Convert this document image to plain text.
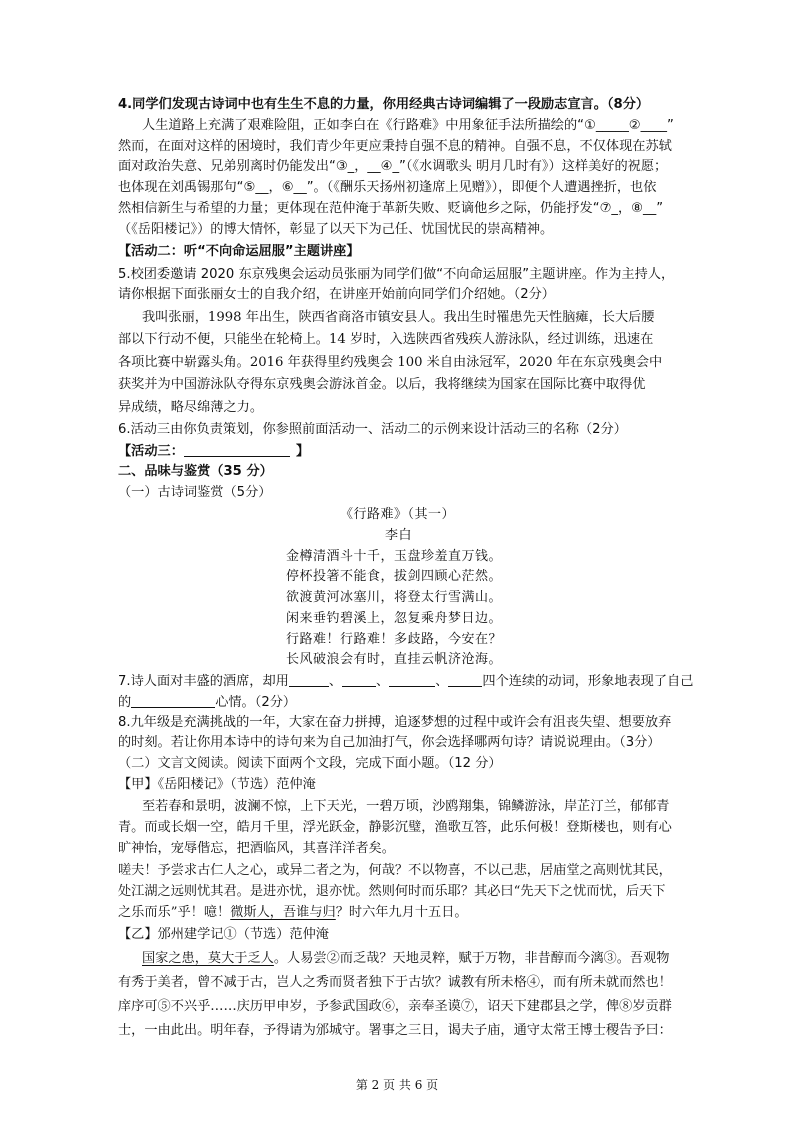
4.同学们发现古诗词中也有生生不息的力量，你用经典古诗词编辑了一段励志宣言。（8分）
人生道路上充满了艰难险阻，正如李白在《行路难》中用象征手法所描绘的“①_____②____”
然而，在面对这样的困境时，我们青少年更应秉持自强不息的精神。自强不息，不仅体现在苏轼
面对政治失意、兄弟别离时仍能发出“③_，__④_”（《水调歌头 明月几时有》）这样美好的祝愿；
也体现在刘禹锡那句“⑤__，⑥__”。（《酬乐天扬州初逢席上见赠》），即便个人遭遇挫折，也依
然相信新生与希望的力量；更体现在范仲淹于革新失败、贬谪他乡之际，仍能抒发“⑦_，⑧__”
（《岳阳楼记》）的博大情怀，彰显了以天下为己任、忧国忧民的崇高精神。
【活动二：听“不向命运屈服”主题讲座】
5.校团委邀请 2020 东京残奥会运动员张丽为同学们做“不向命运屈服”主题讲座。作为主持人，
请你根据下面张丽女士的自我介绍，在讲座开始前向同学们介绍她。（2分）
我叫张丽，1998 年出生，陕西省商洛市镇安县人。我出生时罹患先天性脑瘫，长大后腰
部以下行动不便，只能坐在轮椅上。14 岁时，入选陕西省残疾人游泳队，经过训练，迅速在
各项比赛中崭露头角。2016 年获得里约残奥会 100 米自由泳冠军，2020 年在东京残奥会中
获奖并为中国游泳队夺得东京残奥会游泳首金。以后，我将继续为国家在国际比赛中取得优
异成绩，略尽绵薄之力。
6.活动三由你负责策划，你参照前面活动一、活动二的示例来设计活动三的名称（2分）
【活动三：	】
二、品味与鉴赏（35 分）
（一）古诗词鉴赏（5分）
《行路难》（其一）
李白
金樽清酒斗十千，玉盘珍羞直万钱。
停杯投箸不能食，拔剑四顾心茫然。
欲渡黄河冰塞川，将登太行雪满山。
闲来垂钓碧溪上，忽复乘舟梦日边。
行路难！行路难！多歧路，今安在？
长风破浪会有时，直挂云帆济沧海。
7.诗人面对丰盛的酒席，却用	、	、	、	四个连续的动词，形象地表现了自己
的	心情。（2分）
8.九年级是充满挑战的一年，大家在奋力拼搏，追逐梦想的过程中或许会有沮丧失望、想要放弃
的时刻。若让你用本诗中的诗句来为自己加油打气，你会选择哪两句诗？请说说理由。（3分）
（二）文言文阅读。阅读下面两个文段，完成下面小题。（12 分）
【甲】《岳阳楼记》（节选）范仲淹
至若春和景明，波澜不惊，上下天光，一碧万顷，沙鸥翔集，锦鳞游泳，岸芷汀兰，郁郁青
青。而或长烟一空，皓月千里，浮光跃金，静影沉璧，渔歌互答，此乐何极！登斯楼也，则有心
旷神怡，宠辱偕忘，把酒临风，其喜洋洋者矣。
嗟夫！予尝求古仁人之心，或异二者之为，何哉？不以物喜，不以己悲，居庙堂之高则忧其民，
处江湖之远则忧其君。是进亦忧，退亦忧。然则何时而乐耶？其必曰“先天下之忧而忧，后天下
之乐而乐”乎！噫！微斯人，吾谁与归？时六年九月十五日。
【乙】邠州建学记①（节选）范仲淹
国家之患，莫大于乏人。人易尝②而乏哉？天地灵粹，赋于万物，非昔醇而今漓③。吾观物
有秀于美者，曾不减于古，岂人之秀而贤者独下于古欤？诚教有所未格④，而有所未就而然也！
庠序可⑤不兴乎……庆历甲申岁，予参武国政⑥，亲奉圣谟⑦，诏天下建郡县之学，俾⑧岁贡群
士，一由此出。明年春，予得请为邠城守。署事之三日，谒夫子庙，通守太常王博士稷告予曰：
第 2 页 共 6 页
